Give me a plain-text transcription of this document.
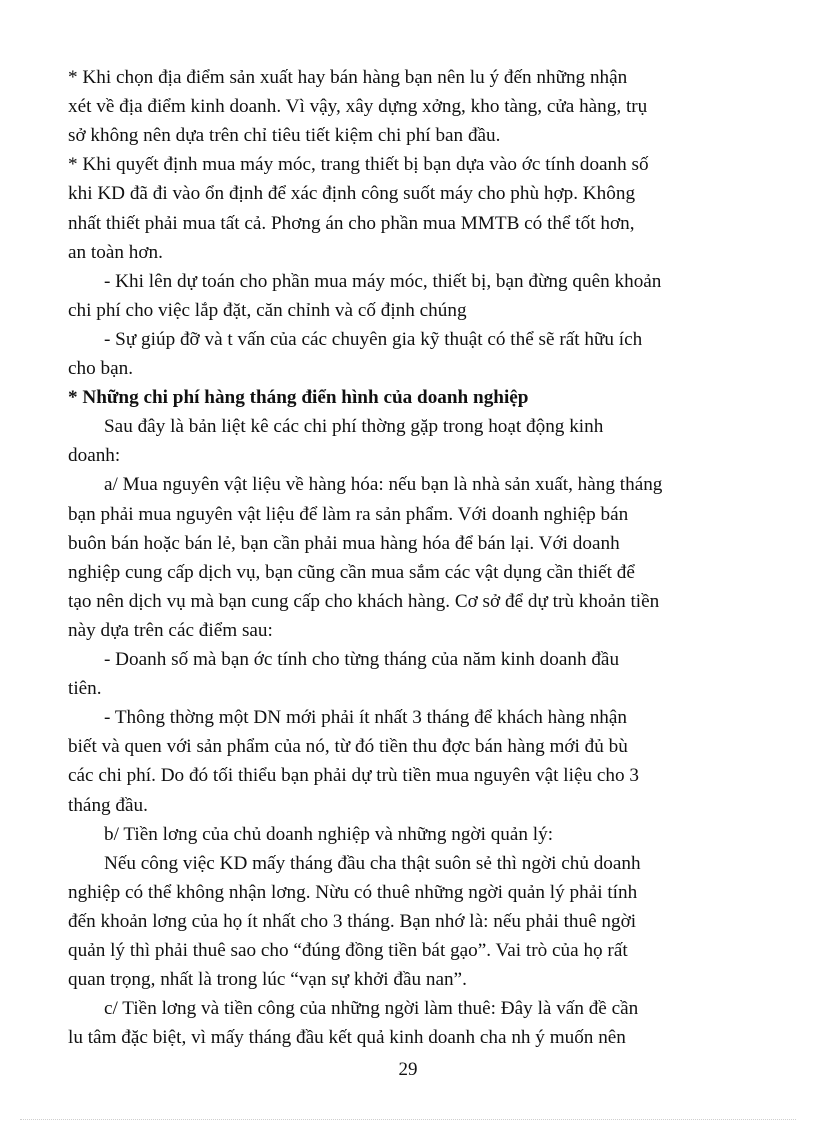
* Khi chọn địa điểm sản xuất hay bán hàng bạn nên lu ý đến những nhận
xét về địa điểm kinh doanh. Vì vậy, xây dựng xởng, kho tàng, cửa hàng, trụ
sở không nên dựa trên chỉ tiêu tiết kiệm chi phí ban đầu.
* Khi quyết định mua máy móc, trang thiết bị bạn dựa vào ớc tính doanh số
khi KD đã đi vào ổn định để xác định công suốt máy cho phù hợp. Không
nhất thiết phải mua tất cả. Phơng án cho phần mua MMTB có thể tốt hơn,
an toàn hơn.
- Khi lên dự toán cho phần mua máy móc, thiết bị, bạn đừng quên khoản
chi phí cho việc lắp đặt, căn chỉnh và cố định chúng
- Sự giúp đỡ và t vấn của các chuyên gia kỹ thuật có thể sẽ rất hữu ích
cho bạn.
* Những chi phí hàng tháng điển hình của doanh nghiệp
Sau đây là bản liệt kê các chi phí thờng gặp trong hoạt động kinh
doanh:
a/ Mua nguyên vật liệu về hàng hóa: nếu bạn là nhà sản xuất, hàng tháng
bạn phải mua nguyên vật liệu để làm ra sản phẩm. Với doanh nghiệp bán
buôn bán hoặc bán lẻ, bạn cần phải mua hàng hóa để bán lại. Với doanh
nghiệp cung cấp dịch vụ, bạn cũng cần mua sắm các vật dụng cần thiết để
tạo nên dịch vụ mà bạn cung cấp cho khách hàng. Cơ sở để dự trù khoản tiền
này dựa trên các điểm sau:
- Doanh số mà bạn ớc tính cho từng tháng của năm kinh doanh đầu
tiên.
- Thông thờng một DN mới phải ít nhất 3 tháng để khách hàng nhận
biết và quen với sản phẩm của nó, từ đó tiền thu đợc bán hàng mới đủ bù
các chi phí. Do đó tối thiểu bạn phải dự trù tiền mua nguyên vật liệu cho 3
tháng đầu.
b/ Tiền lơng của chủ doanh nghiệp và những ngời quản lý:
Nếu công việc KD mấy tháng đầu cha thật suôn sẻ thì ngời chủ doanh
nghiệp có thể không nhận lơng. Nừu có thuê những ngời quản lý phải tính
đến khoản lơng của họ ít nhất cho 3 tháng. Bạn nhớ là: nếu phải thuê ngời
quản lý thì phải thuê sao cho “đúng đồng tiền bát gạo”. Vai trò của họ rất
quan trọng, nhất là trong lúc “vạn sự khởi đầu nan”.
c/ Tiền lơng và tiền công của những ngời làm thuê: Đây là vấn đề cần
lu tâm đặc biệt, vì mấy tháng đầu kết quả kinh doanh cha nh ý muốn nên
29
